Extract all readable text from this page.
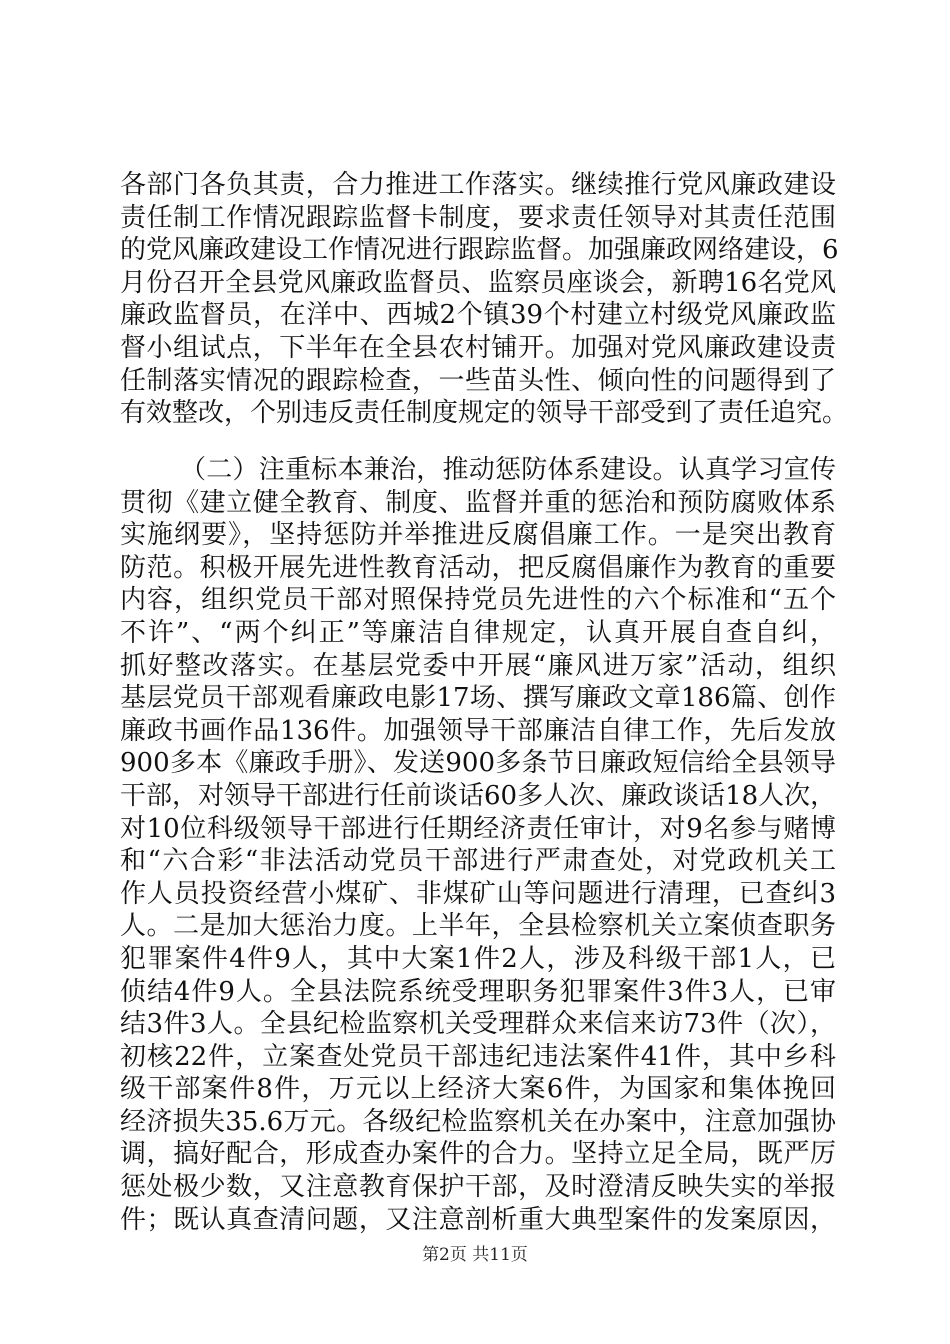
各部门各负其责，合力推进工作落实。继续推行党风廉政建设
责任制工作情况跟踪监督卡制度，要求责任领导对其责任范围
的党风廉政建设工作情况进行跟踪监督。加强廉政网络建设，6
月份召开全县党风廉政监督员、监察员座谈会，新聘16名党风
廉政监督员，在洋中、西城2个镇39个村建立村级党风廉政监
督小组试点，下半年在全县农村铺开。加强对党风廉政建设责
任制落实情况的跟踪检查，一些苗头性、倾向性的问题得到了
有效整改，个别违反责任制度规定的领导干部受到了责任追究。
（二）注重标本兼治，推动惩防体系建设。认真学习宣传
贯彻《建立健全教育、制度、监督并重的惩治和预防腐败体系
实施纲要》，坚持惩防并举推进反腐倡廉工作。一是突出教育
防范。积极开展先进性教育活动，把反腐倡廉作为教育的重要
内容，组织党员干部对照保持党员先进性的六个标准和“五个
不许”、“两个纠正”等廉洁自律规定，认真开展自查自纠，
抓好整改落实。在基层党委中开展“廉风进万家”活动，组织
基层党员干部观看廉政电影17场、撰写廉政文章186篇、创作
廉政书画作品136件。加强领导干部廉洁自律工作，先后发放
900多本《廉政手册》、发送900多条节日廉政短信给全县领导
干部，对领导干部进行任前谈话60多人次、廉政谈话18人次，
对10位科级领导干部进行任期经济责任审计，对9名参与赌博
和“六合彩“非法活动党员干部进行严肃查处，对党政机关工
作人员投资经营小煤矿、非煤矿山等问题进行清理，已查纠3
人。二是加大惩治力度。上半年，全县检察机关立案侦查职务
犯罪案件4件9人，其中大案1件2人，涉及科级干部1人，已
侦结4件9人。全县法院系统受理职务犯罪案件3件3人，已审
结3件3人。全县纪检监察机关受理群众来信来访73件（次），
初核22件，立案查处党员干部违纪违法案件41件，其中乡科
级干部案件8件，万元以上经济大案6件，为国家和集体挽回
经济损失35.6万元。各级纪检监察机关在办案中，注意加强协
调，搞好配合，形成查办案件的合力。坚持立足全局，既严厉
惩处极少数，又注意教育保护干部，及时澄清反映失实的举报
件；既认真查清问题，又注意剖析重大典型案件的发案原因，
第2页 共11页
